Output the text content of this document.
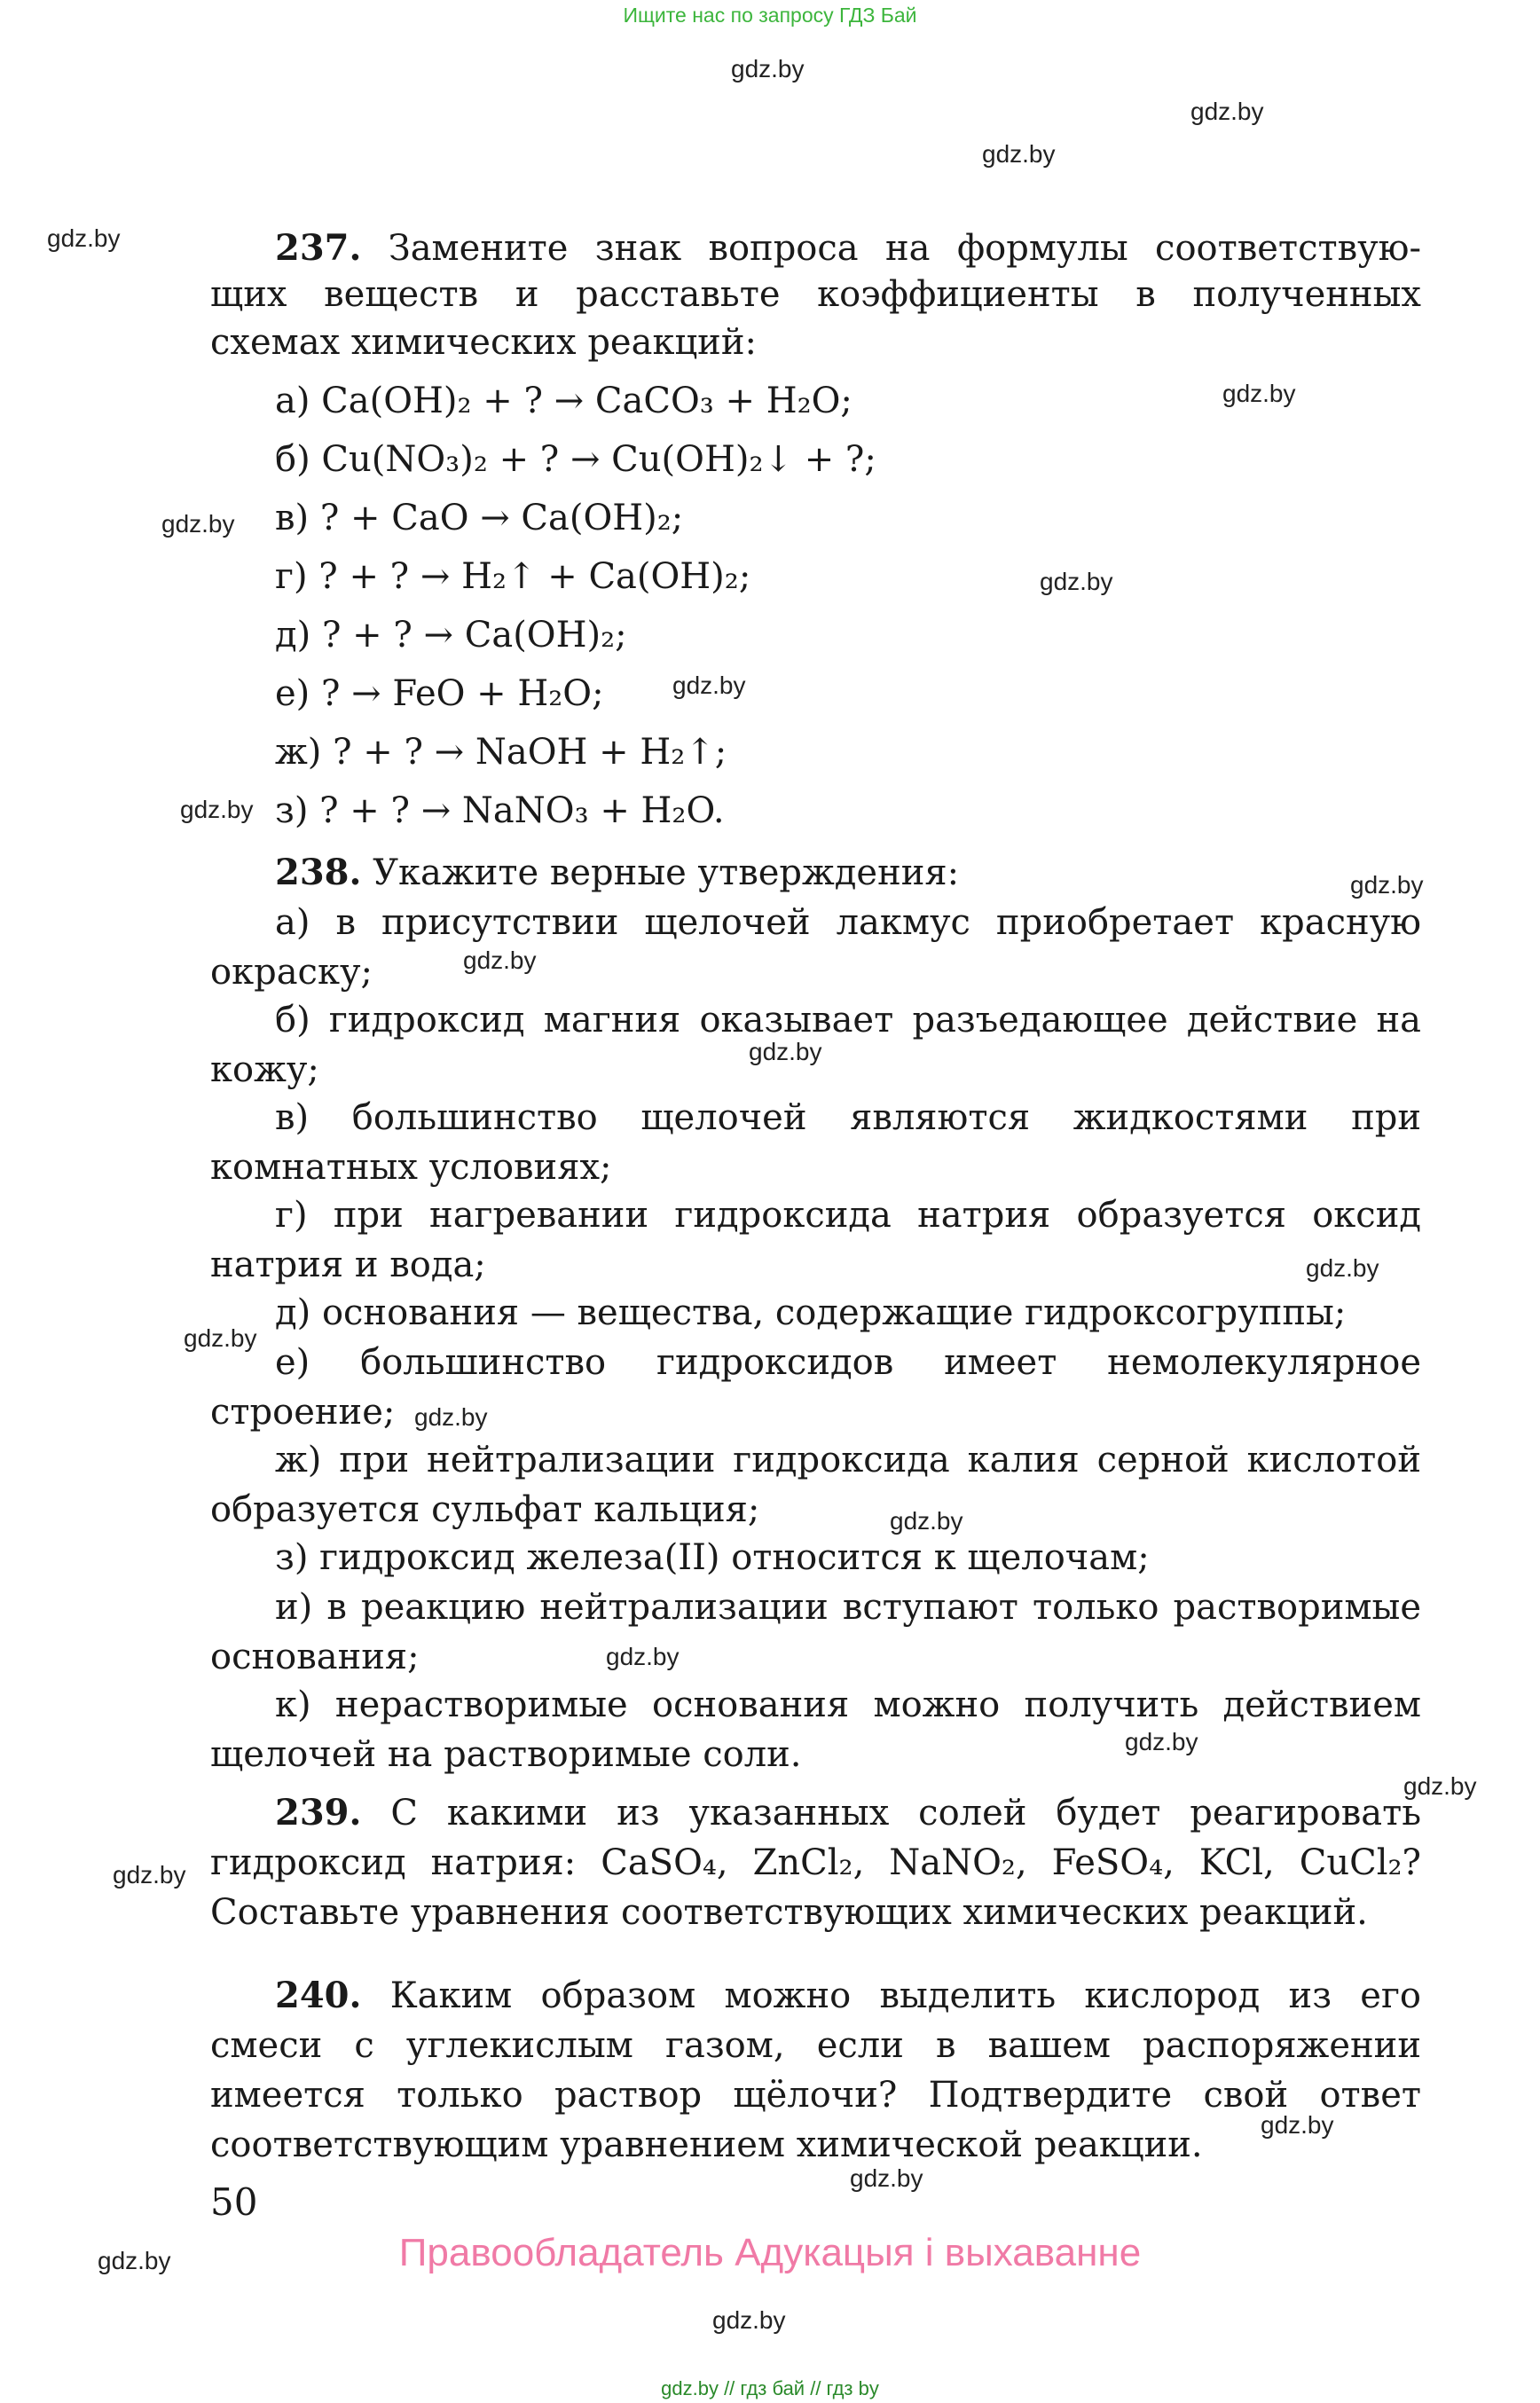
Ищите нас по запросу ГДЗ Бай
237. Замените знак вопроса на формулы соответствую-
щих веществ и расставьте коэффициенты в полученных
схемах химических реакций:
а) Ca(OH)₂ + ? → CaCO₃ + H₂O;
б) Cu(NO₃)₂ + ? → Cu(OH)₂↓ + ?;
в) ? + CaO → Ca(OH)₂;
г) ? + ? → H₂↑ + Ca(OH)₂;
д) ? + ? → Ca(OH)₂;
е) ? → FeO + H₂O;
ж) ? + ? → NaOH + H₂↑;
з) ? + ? → NaNO₃ + H₂O.
238. Укажите верные утверждения:
а) в присутствии щелочей лакмус приобретает красную окраску;
б) гидроксид магния оказывает разъедающее действие на кожу;
в) большинство щелочей являются жидкостями при комнатных условиях;
г) при нагревании гидроксида натрия образуется оксид натрия и вода;
д) основания — вещества, содержащие гидроксогруппы;
е) большинство гидроксидов имеет немолекулярное строение;
ж) при нейтрализации гидроксида калия серной кислотой образуется сульфат кальция;
з) гидроксид железа(II) относится к щелочам;
и) в реакцию нейтрализации вступают только растворимые основания;
к) нерастворимые основания можно получить действием щелочей на растворимые соли.
239. С какими из указанных солей будет реагировать гидроксид натрия: CaSO₄, ZnCl₂, NaNO₂, FeSO₄, KCl, CuCl₂? Составьте уравнения соответствующих химических реакций.
240. Каким образом можно выделить кислород из его смеси с углекислым газом, если в вашем распоряжении имеется только раствор щёлочи? Подтвердите свой ответ соответствующим уравнением химической реакции.
50
Правообладатель Адукацыя і выхаванне
gdz.by
gdz.by
gdz.by
gdz.by
gdz.by
gdz.by
gdz.by
gdz.by
gdz.by
gdz.by
gdz.by
gdz.by
gdz.by
gdz.by
gdz.by
gdz.by
gdz.by
gdz.by
gdz.by
gdz.by
gdz.by
gdz.by
gdz.by
gdz.by
gdz.by // гдз бай // гдз by
